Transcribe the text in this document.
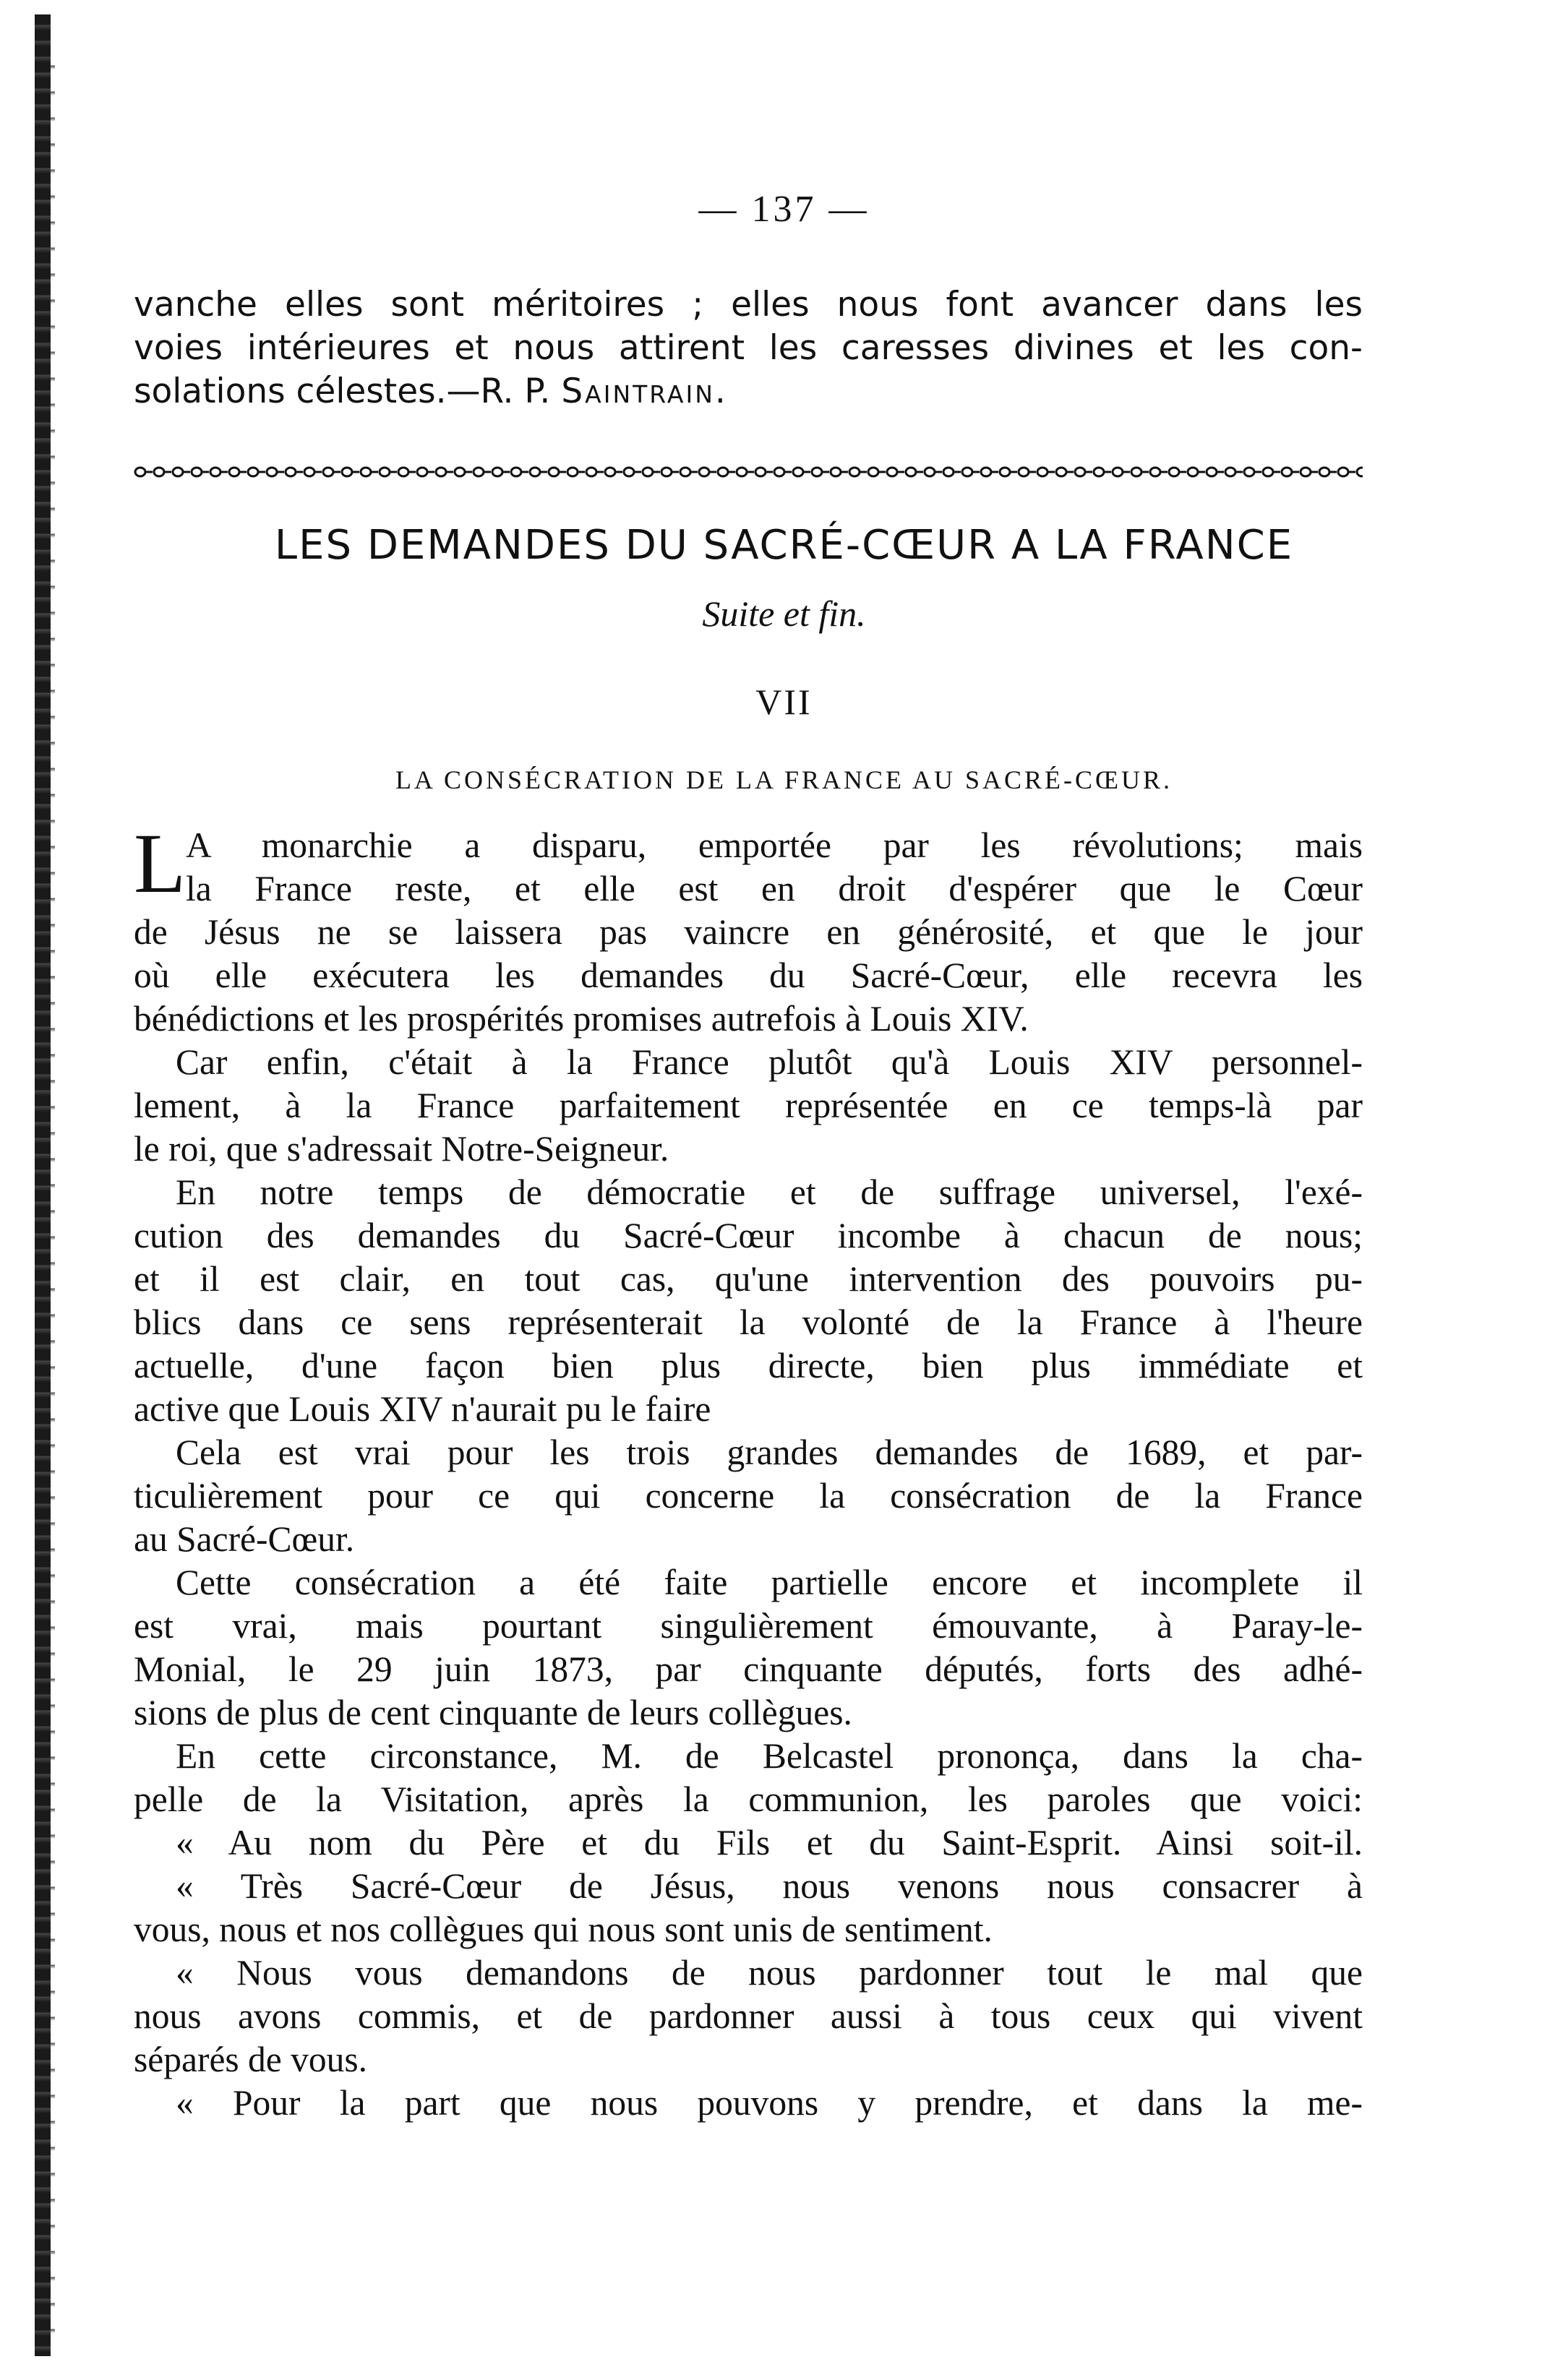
— 137 —

vanche elles sont méritoires ; elles nous font avancer dans les
voies intérieures et nous attirent les caresses divines et les con-
solations célestes.—R. P. Saintrain.

LES DEMANDES DU SACRÉ-CŒUR A LA FRANCE
Suite et fin.
VII
LA CONSÉCRATION DE LA FRANCE AU SACRÉ-CŒUR.

L A monarchie a disparu, emportée par les révolutions; mais
la France reste, et elle est en droit d'espérer que le Cœur
de Jésus ne se laissera pas vaincre en générosité, et que le jour
où elle exécutera les demandes du Sacré-Cœur, elle recevra les
bénédictions et les prospérités promises autrefois à Louis XIV.

Car enfin, c'était à la France plutôt qu'à Louis XIV personnel-
lement, à la France parfaitement représentée en ce temps-là par
le roi, que s'adressait Notre-Seigneur.

En notre temps de démocratie et de suffrage universel, l'exé-
cution des demandes du Sacré-Cœur incombe à chacun de nous;
et il est clair, en tout cas, qu'une intervention des pouvoirs pu-
blics dans ce sens représenterait la volonté de la France à l'heure
actuelle, d'une façon bien plus directe, bien plus immédiate et
active que Louis XIV n'aurait pu le faire

Cela est vrai pour les trois grandes demandes de 1689, et par-
ticulièrement pour ce qui concerne la consécration de la France
au Sacré-Cœur.

Cette consécration a été faite partielle encore et incomplete il
est vrai, mais pourtant singulièrement émouvante, à Paray-le-
Monial, le 29 juin 1873, par cinquante députés, forts des adhé-
sions de plus de cent cinquante de leurs collègues.

En cette circonstance, M. de Belcastel prononça, dans la cha-
pelle de la Visitation, après la communion, les paroles que voici:

« Au nom du Père et du Fils et du Saint-Esprit. Ainsi soit-il.

« Très Sacré-Cœur de Jésus, nous venons nous consacrer à
vous, nous et nos collègues qui nous sont unis de sentiment.

« Nous vous demandons de nous pardonner tout le mal que
nous avons commis, et de pardonner aussi à tous ceux qui vivent
séparés de vous.

« Pour la part que nous pouvons y prendre, et dans la me-
